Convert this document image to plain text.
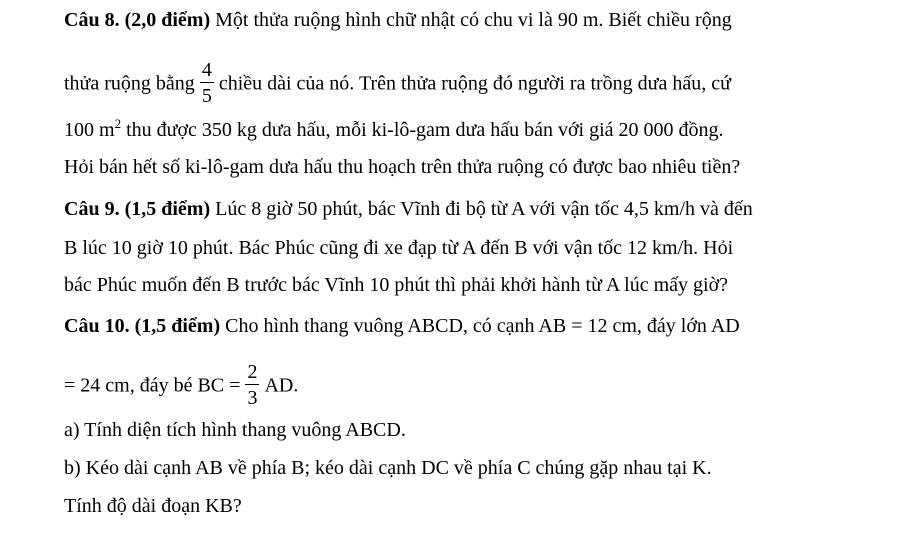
Câu 8. (2,0 điểm) Một thửa ruộng hình chữ nhật có chu vi là 90 m. Biết chiều rộng
thửa ruộng bằng $\frac{4}{5}$ chiều dài của nó. Trên thửa ruộng đó người ra trồng dưa hấu, cứ
100 $m^2$ thu được 350 kg dưa hấu, mỗi ki-lô-gam dưa hấu bán với giá 20 000 đồng.
Hỏi bán hết số ki-lô-gam dưa hấu thu hoạch trên thửa ruộng có được bao nhiêu tiền?
Câu 9. (1,5 điểm) Lúc 8 giờ 50 phút, bác Vĩnh đi bộ từ A với vận tốc 4,5 km/h và đến
B lúc 10 giờ 10 phút. Bác Phúc cũng đi xe đạp từ A đến B với vận tốc 12 km/h. Hỏi
bác Phúc muốn đến B trước bác Vĩnh 10 phút thì phải khởi hành từ A lúc mấy giờ?
Câu 10. (1,5 điểm) Cho hình thang vuông ABCD, có cạnh AB = 12 cm, đáy lớn AD
= 24 cm, đáy bé BC = $\frac{2}{3}$ AD.
a) Tính diện tích hình thang vuông ABCD.
b) Kéo dài cạnh AB về phía B; kéo dài cạnh DC về phía C chúng gặp nhau tại K.
Tính độ dài đoạn KB?
